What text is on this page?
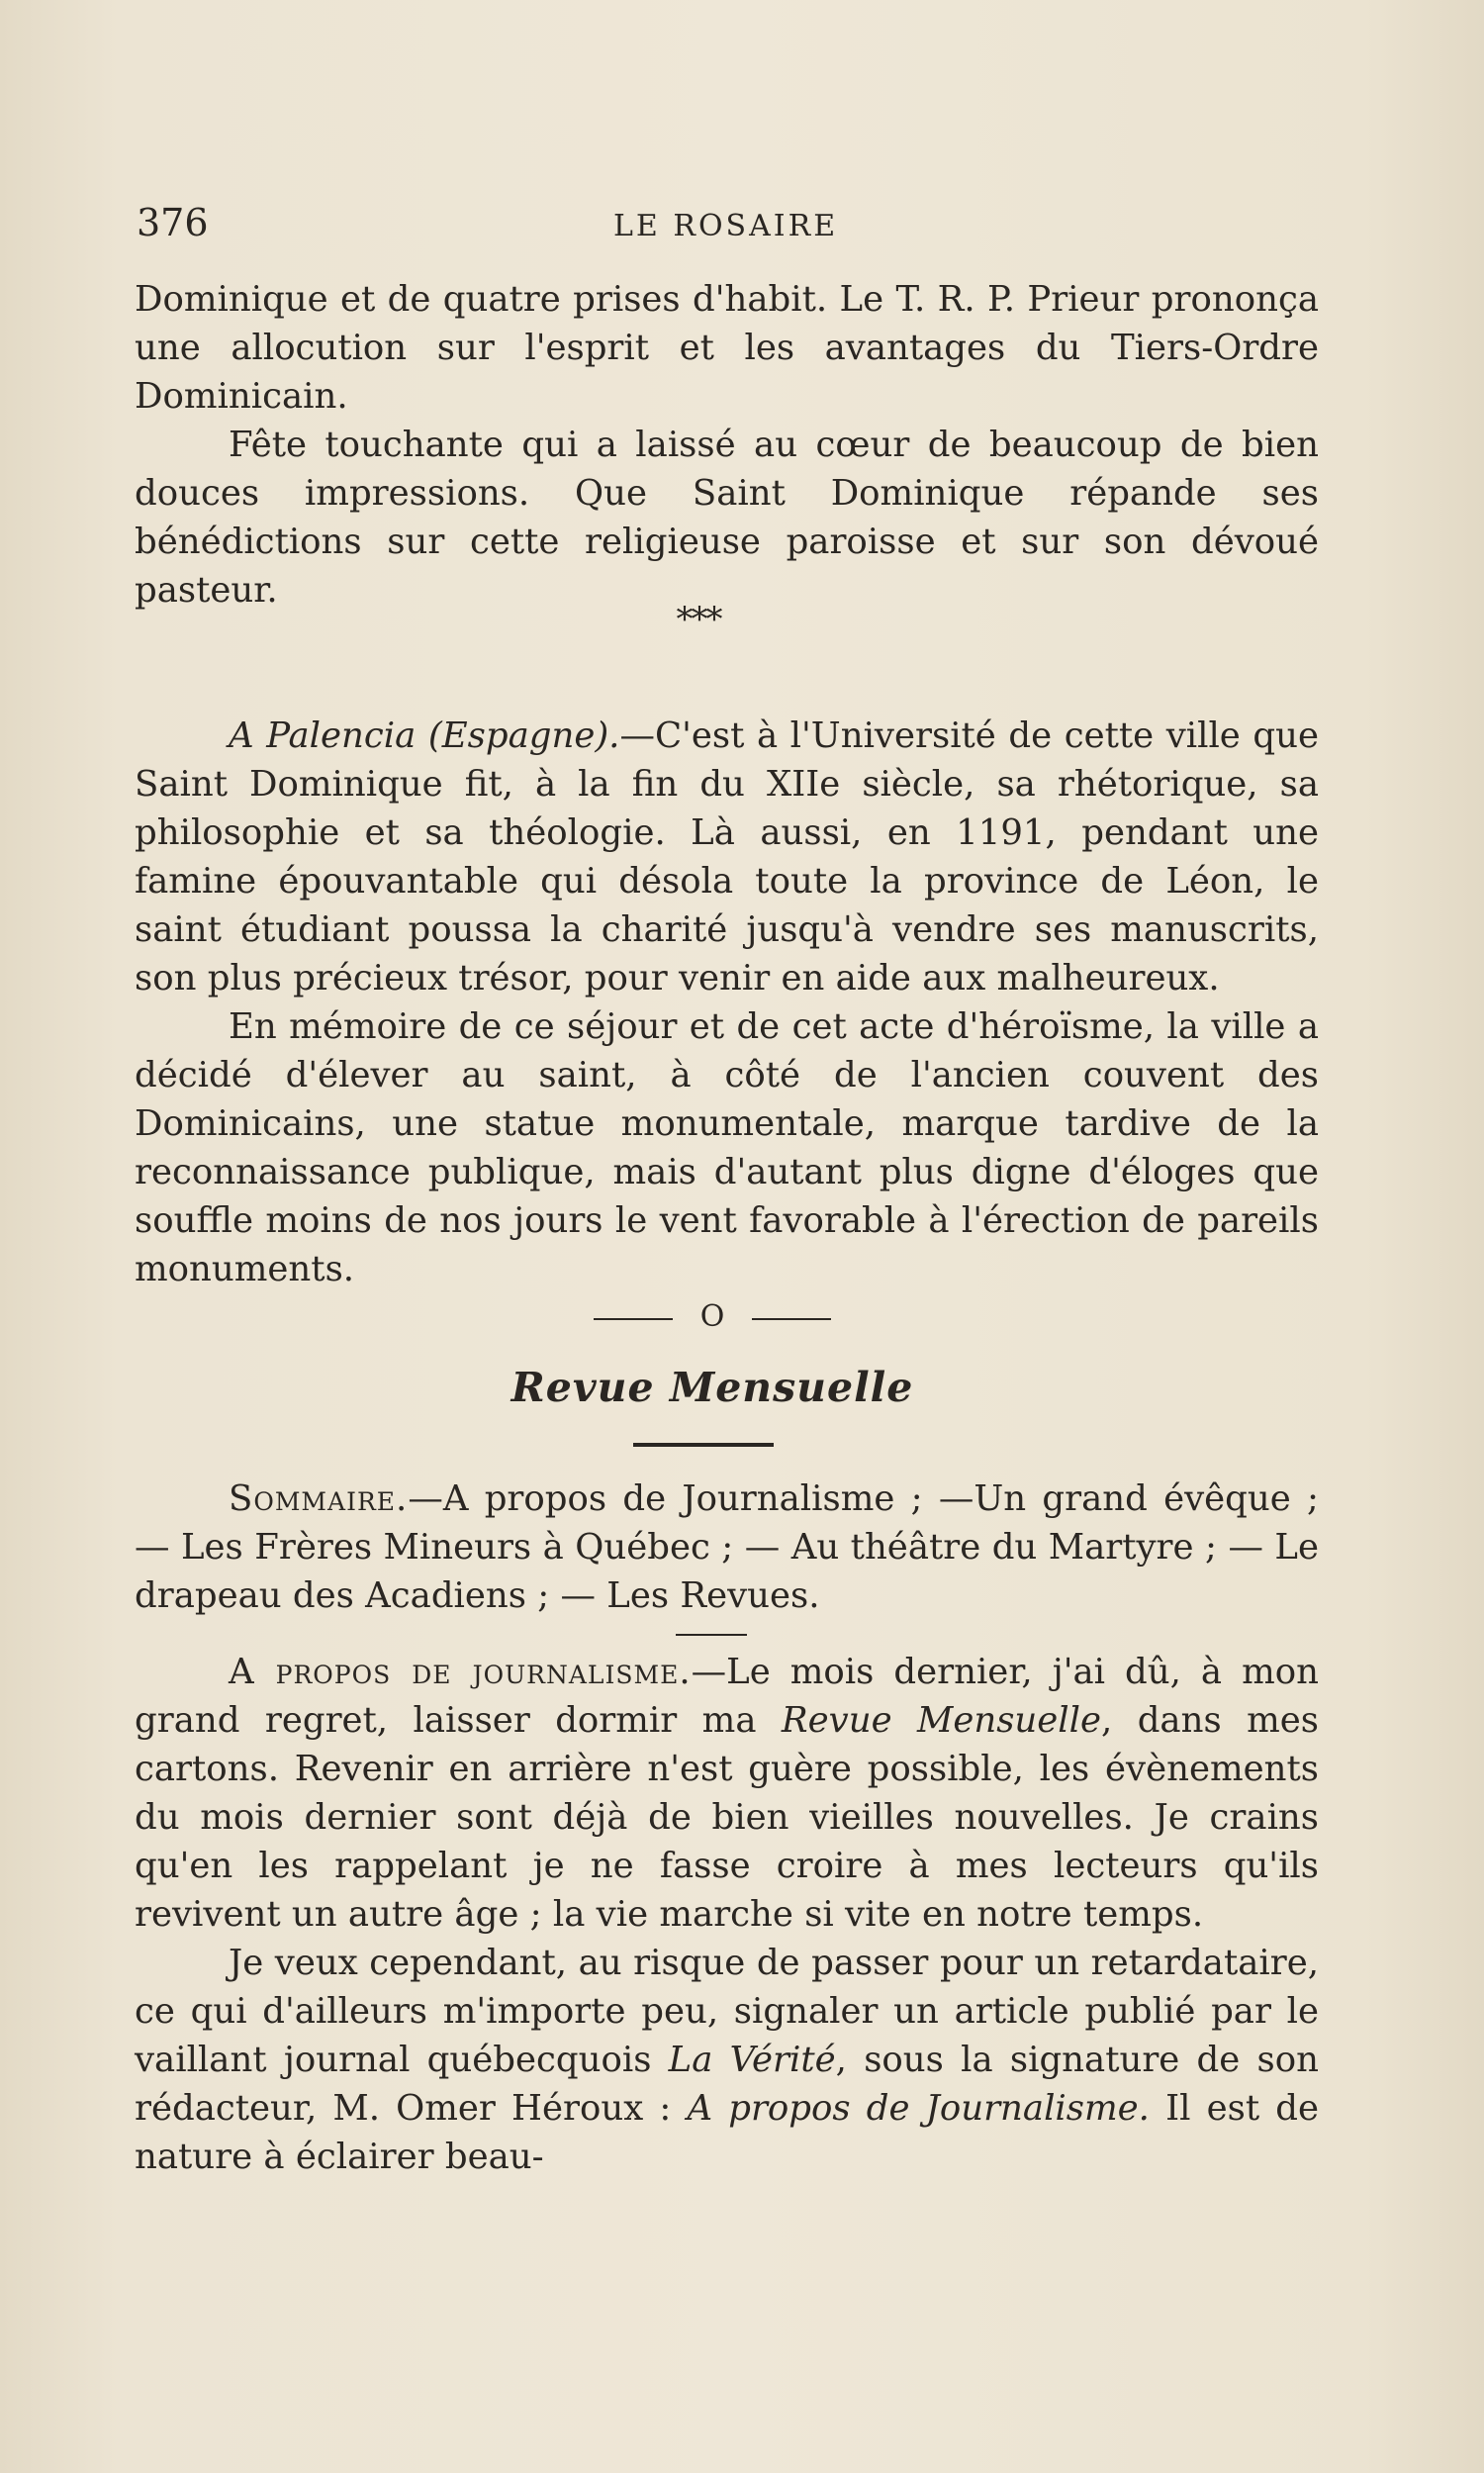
376	LE ROSAIRE

Dominique et de quatre prises d'habit. Le T. R. P. Prieur prononça une allocution sur l'esprit et les avantages du Tiers-Ordre Dominicain.

Fête touchante qui a laissé au cœur de beaucoup de bien douces impressions. Que Saint Dominique répande ses bénédictions sur cette religieuse paroisse et sur son dévoué pasteur.

A Palencia (Espagne).—C'est à l'Université de cette ville que Saint Dominique fit, à la fin du XIIe siècle, sa rhétorique, sa philosophie et sa théologie. Là aussi, en 1191, pendant une famine épouvantable qui désola toute la province de Léon, le saint étudiant poussa la charité jusqu'à vendre ses manuscrits, son plus précieux trésor, pour venir en aide aux malheureux.

En mémoire de ce séjour et de cet acte d'héroïsme, la ville a décidé d'élever au saint, à côté de l'ancien couvent des Dominicains, une statue monumentale, marque tardive de la reconnaissance publique, mais d'autant plus digne d'éloges que souffle moins de nos jours le vent favorable à l'érection de pareils monuments.

***
O
Revue Mensuelle

Sommaire.—A propos de Journalisme ; —Un grand évêque ; — Les Frères Mineurs à Québec ; — Au théâtre du Martyre ; — Le drapeau des Acadiens ; — Les Revues.

A propos de journalisme.—Le mois dernier, j'ai dû, à mon grand regret, laisser dormir ma Revue Mensuelle, dans mes cartons. Revenir en arrière n'est guère possible, les évènements du mois dernier sont déjà de bien vieilles nouvelles. Je crains qu'en les rappelant je ne fasse croire à mes lecteurs qu'ils revivent un autre âge ; la vie marche si vite en notre temps.

Je veux cependant, au risque de passer pour un retardataire, ce qui d'ailleurs m'importe peu, signaler un article publié par le vaillant journal québecquois La Vérité, sous la signature de son rédacteur, M. Omer Héroux : A propos de Journalisme. Il est de nature à éclairer beau-
